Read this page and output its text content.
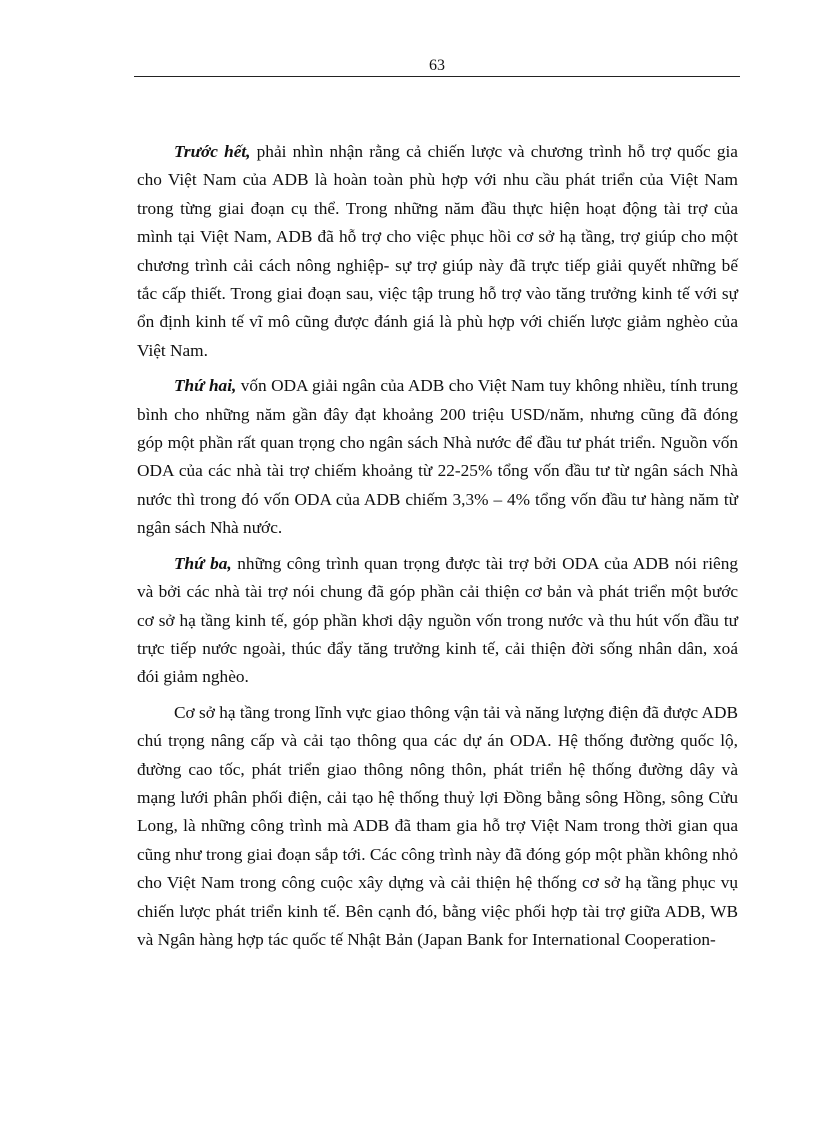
63

Trước hết, phải nhìn nhận rằng cả chiến lược và chương trình hỗ trợ quốc gia cho Việt Nam của ADB là hoàn toàn phù hợp với nhu cầu phát triển của Việt Nam trong từng giai đoạn cụ thể. Trong những năm đầu thực hiện hoạt động tài trợ của mình tại Việt Nam, ADB đã hỗ trợ cho việc phục hồi cơ sở hạ tầng, trợ giúp cho một chương trình cải cách nông nghiệp- sự trợ giúp này đã trực tiếp giải quyết những bế tắc cấp thiết. Trong giai đoạn sau, việc tập trung hỗ trợ vào tăng trưởng kinh tế với sự ổn định kinh tế vĩ mô cũng được đánh giá là phù hợp với chiến lược giảm nghèo của Việt Nam.

Thứ hai, vốn ODA giải ngân của ADB cho Việt Nam tuy không nhiều, tính trung bình cho những năm gần đây đạt khoảng 200 triệu USD/năm, nhưng cũng đã đóng góp một phần rất quan trọng cho ngân sách Nhà nước để đầu tư phát triển. Nguồn vốn ODA của các nhà tài trợ chiếm khoảng từ 22-25% tổng vốn đầu tư từ ngân sách Nhà nước thì trong đó vốn ODA của ADB chiếm 3,3% – 4% tổng vốn đầu tư hàng năm từ ngân sách Nhà nước.

Thứ ba, những công trình quan trọng được tài trợ bởi ODA của ADB nói riêng và bởi các nhà tài trợ nói chung đã góp phần cải thiện cơ bản và phát triển một bước cơ sở hạ tầng kinh tế, góp phần khơi dậy nguồn vốn trong nước và thu hút vốn đầu tư trực tiếp nước ngoài, thúc đẩy tăng trưởng kinh tế, cải thiện đời sống nhân dân, xoá đói giảm nghèo.

Cơ sở hạ tầng trong lĩnh vực giao thông vận tải và năng lượng điện đã được ADB chú trọng nâng cấp và cải tạo thông qua các dự án ODA. Hệ thống đường quốc lộ, đường cao tốc, phát triển giao thông nông thôn, phát triển hệ thống đường dây và mạng lưới phân phối điện, cải tạo hệ thống thuỷ lợi Đồng bằng sông Hồng, sông Cửu Long, là những công trình mà ADB đã tham gia hỗ trợ Việt Nam trong thời gian qua cũng như trong giai đoạn sắp tới. Các công trình này đã đóng góp một phần không nhỏ cho Việt Nam trong công cuộc xây dựng và cải thiện hệ thống cơ sở hạ tầng phục vụ chiến lược phát triển kinh tế. Bên cạnh đó, bằng việc phối hợp tài trợ giữa ADB, WB và Ngân hàng hợp tác quốc tế Nhật Bản (Japan Bank for International Cooperation-
